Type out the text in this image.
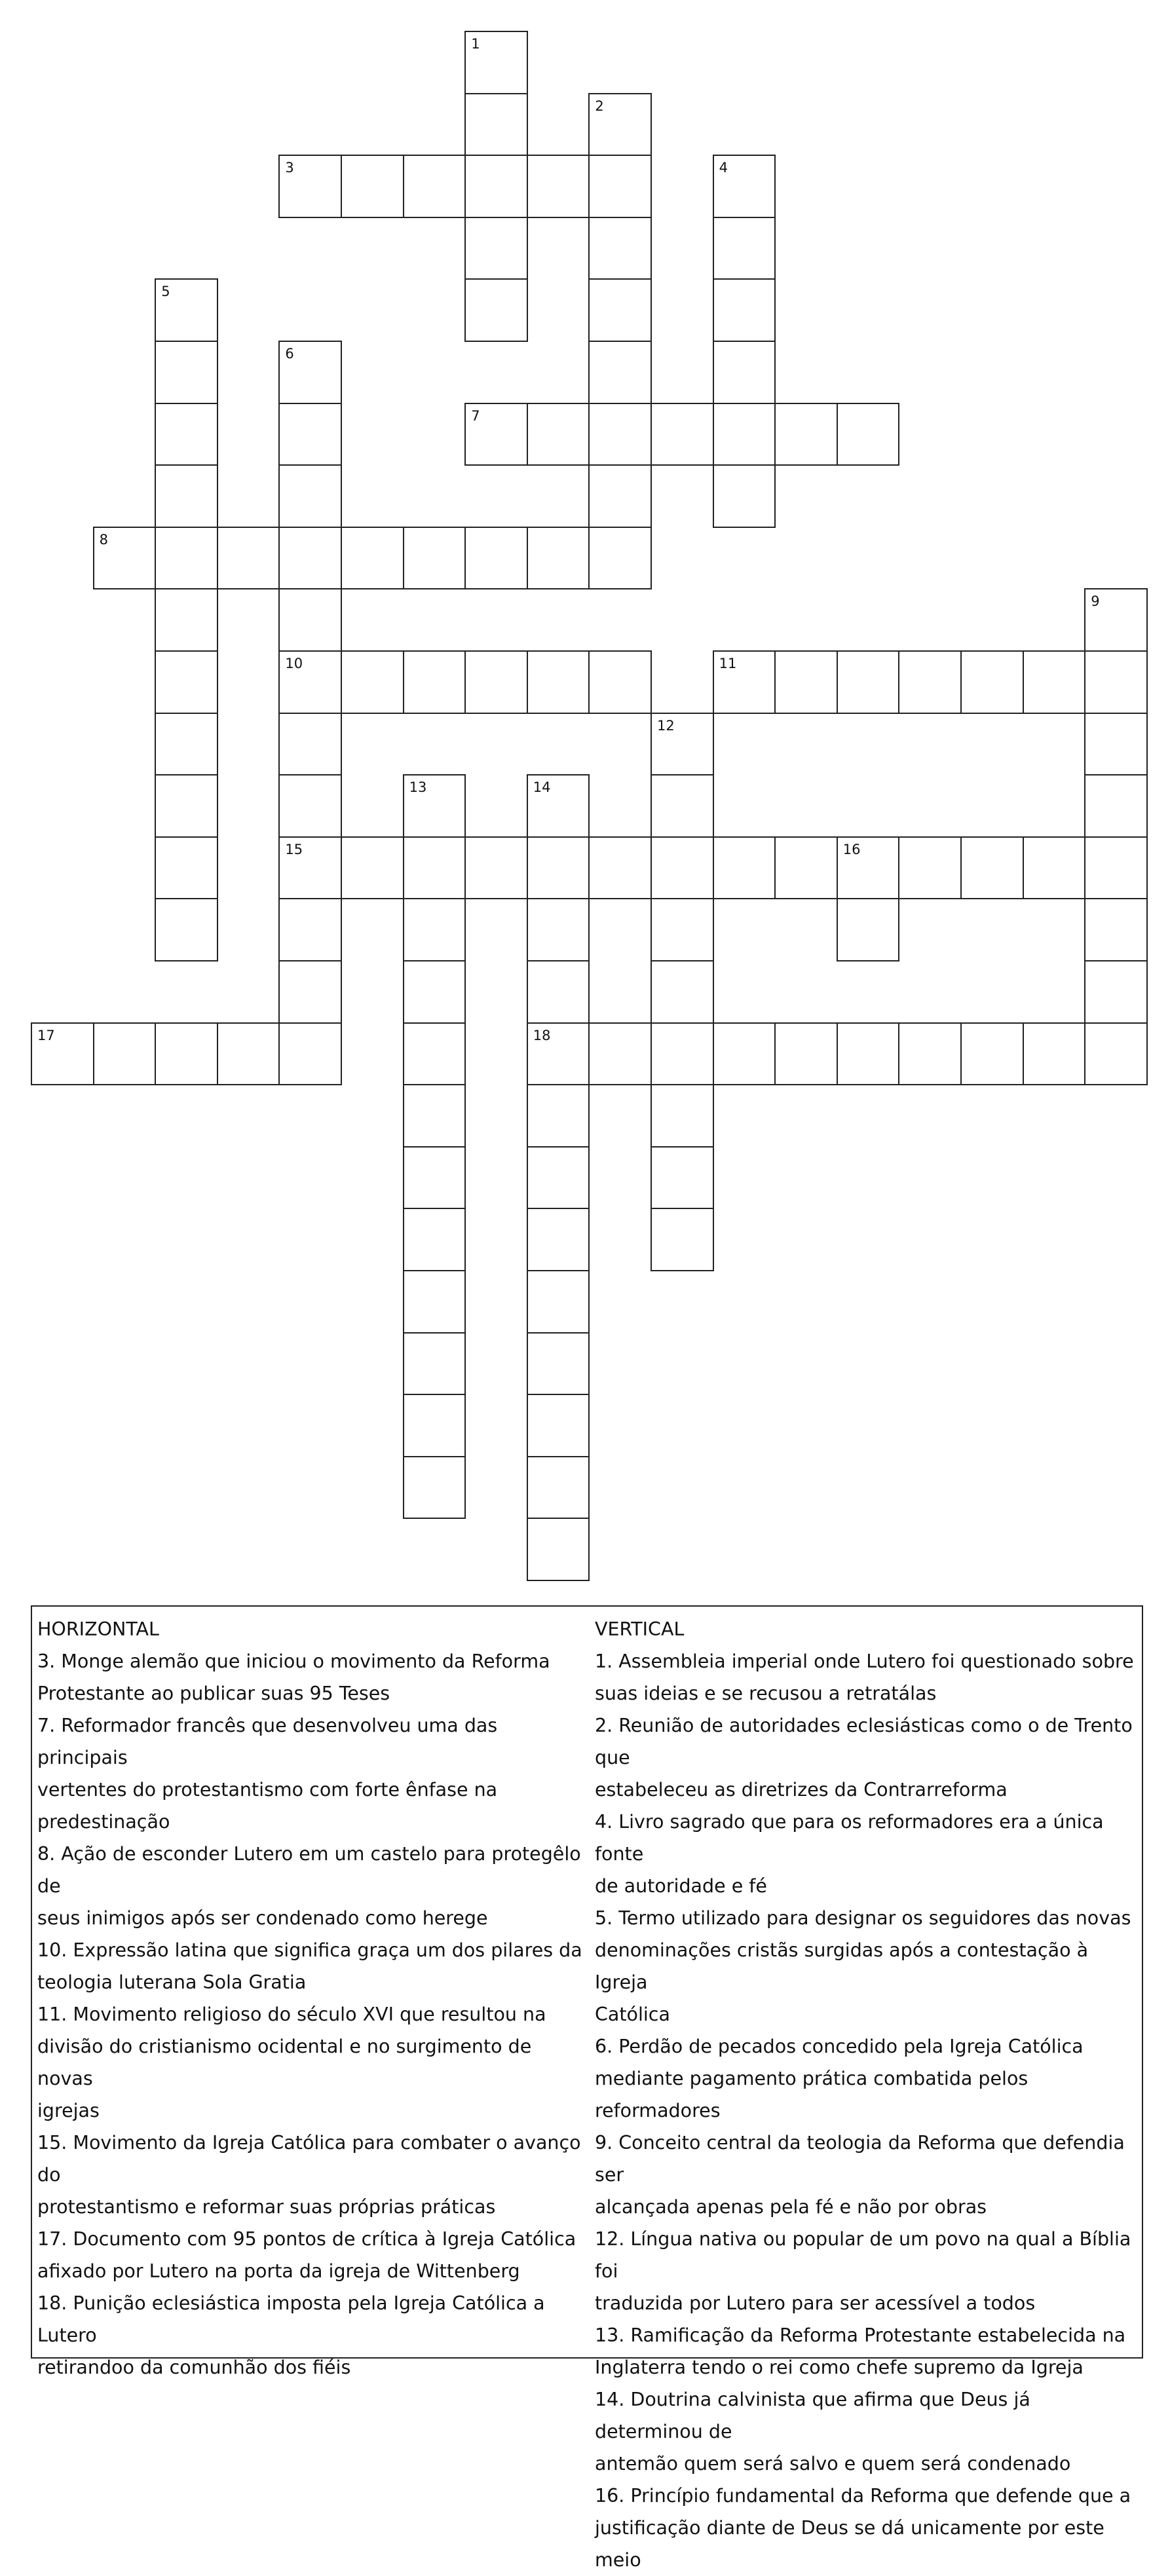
1
2
3	4
5
6
10
15
7
8
9
11
12
13	14
18
16
17
HORIZONTAL
3. Monge alemão que iniciou o movimento da Reforma
Protestante ao publicar suas 95 Teses
7. Reformador francês que desenvolveu uma das principais
vertentes do protestantismo com forte ênfase na
predestinação
8. Ação de esconder Lutero em um castelo para protegêlo de
seus inimigos após ser condenado como herege
10. Expressão latina que significa graça um dos pilares da
teologia luterana Sola Gratia
11. Movimento religioso do século XVI que resultou na
divisão do cristianismo ocidental e no surgimento de novas
igrejas
15. Movimento da Igreja Católica para combater o avanço do
protestantismo e reformar suas próprias práticas
17. Documento com 95 pontos de crítica à Igreja Católica
afixado por Lutero na porta da igreja de Wittenberg
18. Punição eclesiástica imposta pela Igreja Católica a Lutero
retirandoo da comunhão dos fiéis
VERTICAL
1. Assembleia imperial onde Lutero foi questionado sobre
suas ideias e se recusou a retratálas
2. Reunião de autoridades eclesiásticas como o de Trento que
estabeleceu as diretrizes da Contrarreforma
4. Livro sagrado que para os reformadores era a única fonte
de autoridade e fé
5. Termo utilizado para designar os seguidores das novas
denominações cristãs surgidas após a contestação à Igreja
Católica
6. Perdão de pecados concedido pela Igreja Católica
mediante pagamento prática combatida pelos reformadores
9. Conceito central da teologia da Reforma que defendia ser
alcançada apenas pela fé e não por obras
12. Língua nativa ou popular de um povo na qual a Bíblia foi
traduzida por Lutero para ser acessível a todos
13. Ramificação da Reforma Protestante estabelecida na
Inglaterra tendo o rei como chefe supremo da Igreja
14. Doutrina calvinista que afirma que Deus já determinou de
antemão quem será salvo e quem será condenado
16. Princípio fundamental da Reforma que defende que a
justificação diante de Deus se dá unicamente por este meio
